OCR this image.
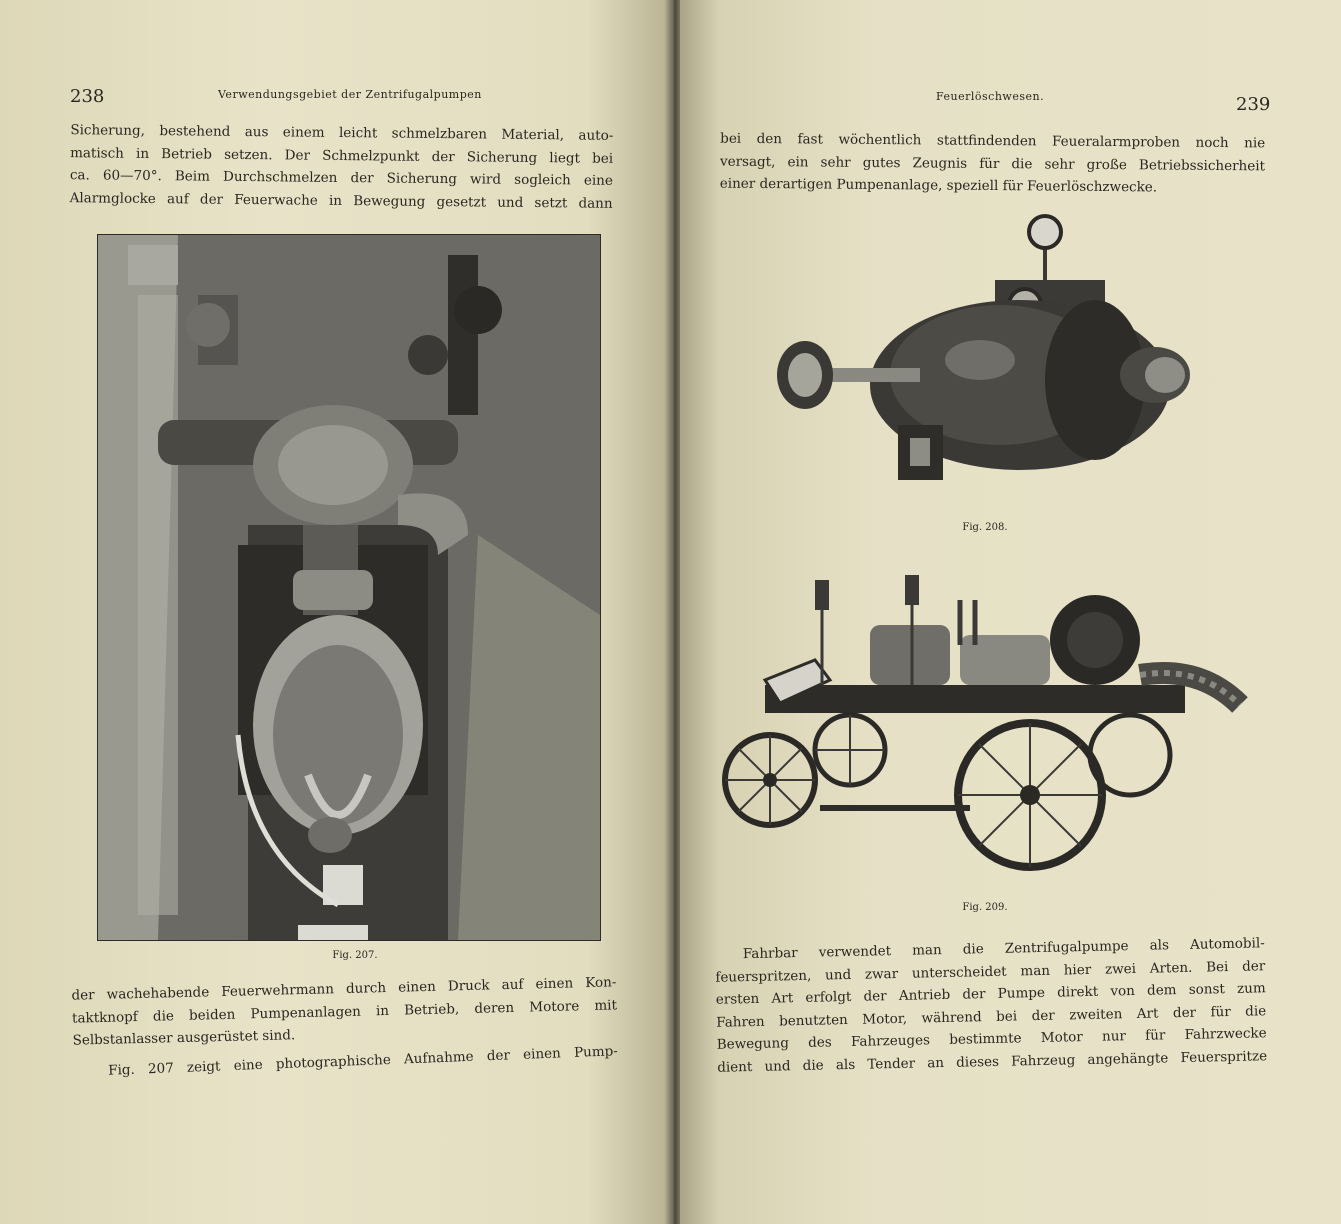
238	Verwendungsgebiet der Zentrifugalpumpen
Sicherung, bestehend aus einem leicht schmelzbaren Material, auto-
matisch in Betrieb setzen. Der Schmelzpunkt der Sicherung liegt bei
ca. 60—70°. Beim Durchschmelzen der Sicherung wird sogleich eine
Alarmglocke auf der Feuerwache in Bewegung gesetzt und setzt dann
Fig. 207.
der wachehabende Feuerwehrmann durch einen Druck auf einen Kon-
taktknopf die beiden Pumpenanlagen in Betrieb, deren Motore mit
Selbstanlasser ausgerüstet sind.
Fig. 207 zeigt eine photographische Aufnahme der einen Pump-
Feuerlöschwesen.	239
bei den fast wöchentlich stattfindenden Feueralarmproben noch nie
versagt, ein sehr gutes Zeugnis für die sehr große Betriebssicherheit
einer derartigen Pumpenanlage, speziell für Feuerlöschzwecke.
Fig. 208.
Fig. 209.
Fahrbar verwendet man die Zentrifugalpumpe als Automobil-
feuerspritzen, und zwar unterscheidet man hier zwei Arten. Bei der
ersten Art erfolgt der Antrieb der Pumpe direkt von dem sonst zum
Fahren benutzten Motor, während bei der zweiten Art der für die
Bewegung des Fahrzeuges bestimmte Motor nur für Fahrzwecke
dient und die als Tender an dieses Fahrzeug angehängte Feuerspritze
